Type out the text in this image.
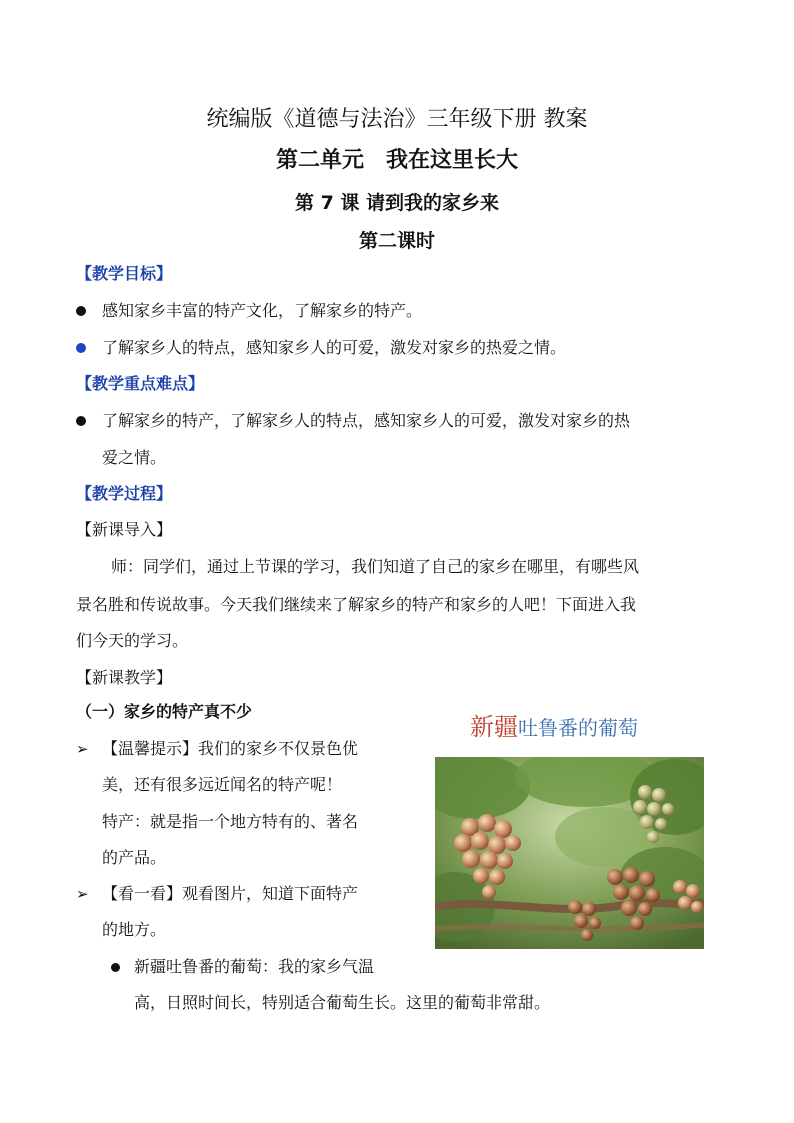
统编版《道德与法治》三年级下册 教案
第二单元　我在这里长大
第 7 课 请到我的家乡来
第二课时
【教学目标】
感知家乡丰富的特产文化，了解家乡的特产。
了解家乡人的特点，感知家乡人的可爱，激发对家乡的热爱之情。
【教学重点难点】
了解家乡的特产，了解家乡人的特点，感知家乡人的可爱，激发对家乡的热
爱之情。
【教学过程】
【新课导入】
师：同学们，通过上节课的学习，我们知道了自己的家乡在哪里，有哪些风
景名胜和传说故事。今天我们继续来了解家乡的特产和家乡的人吧！下面进入我
们今天的学习。
【新课教学】
（一）家乡的特产真不少
➢ 【温馨提示】我们的家乡不仅景色优
美，还有很多远近闻名的特产呢！
特产：就是指一个地方特有的、著名
的产品。
➢ 【看一看】观看图片，知道下面特产
的地方。
新疆吐鲁番的葡萄：我的家乡气温
高，日照时间长，特别适合葡萄生长。这里的葡萄非常甜。
新疆吐鲁番的葡萄
